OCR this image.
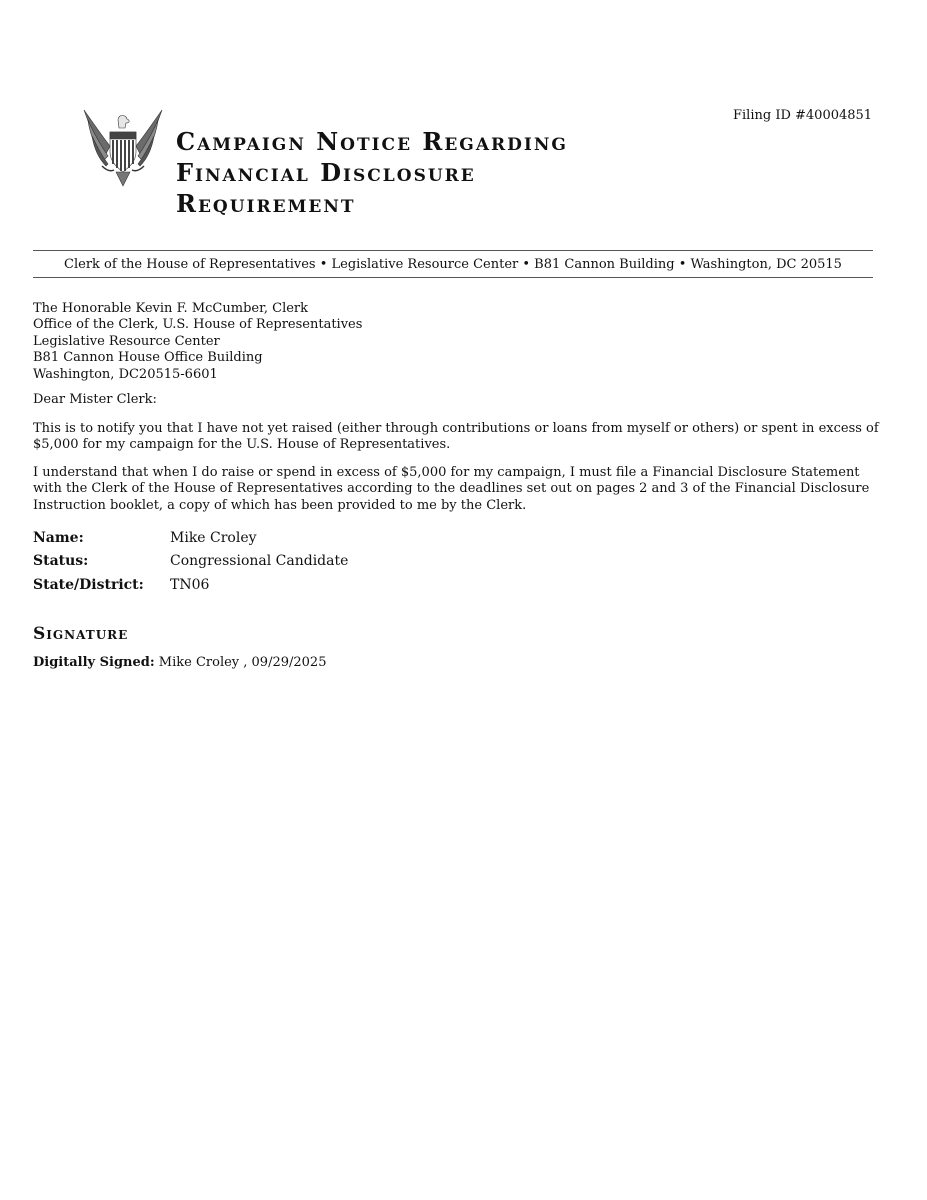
Filing ID #40004851
Campaign Notice Regarding
Financial Disclosure
Requirement
Clerk of the House of Representatives • Legislative Resource Center • B81 Cannon Building • Washington, DC 20515
The Honorable Kevin F. McCumber, Clerk
Office of the Clerk, U.S. House of Representatives
Legislative Resource Center
B81 Cannon House Office Building
Washington, DC20515-6601
Dear Mister Clerk:
This is to notify you that I have not yet raised (either through contributions or loans from myself or others) or spent in excess of $5,000 for my campaign for the U.S. House of Representatives.
I understand that when I do raise or spend in excess of $5,000 for my campaign, I must file a Financial Disclosure Statement with the Clerk of the House of Representatives according to the deadlines set out on pages 2 and 3 of the Financial Disclosure Instruction booklet, a copy of which has been provided to me by the Clerk.
Name:	Mike Croley
Status:	Congressional Candidate
State/District:	TN06
Signature
Digitally Signed: Mike Croley , 09/29/2025
